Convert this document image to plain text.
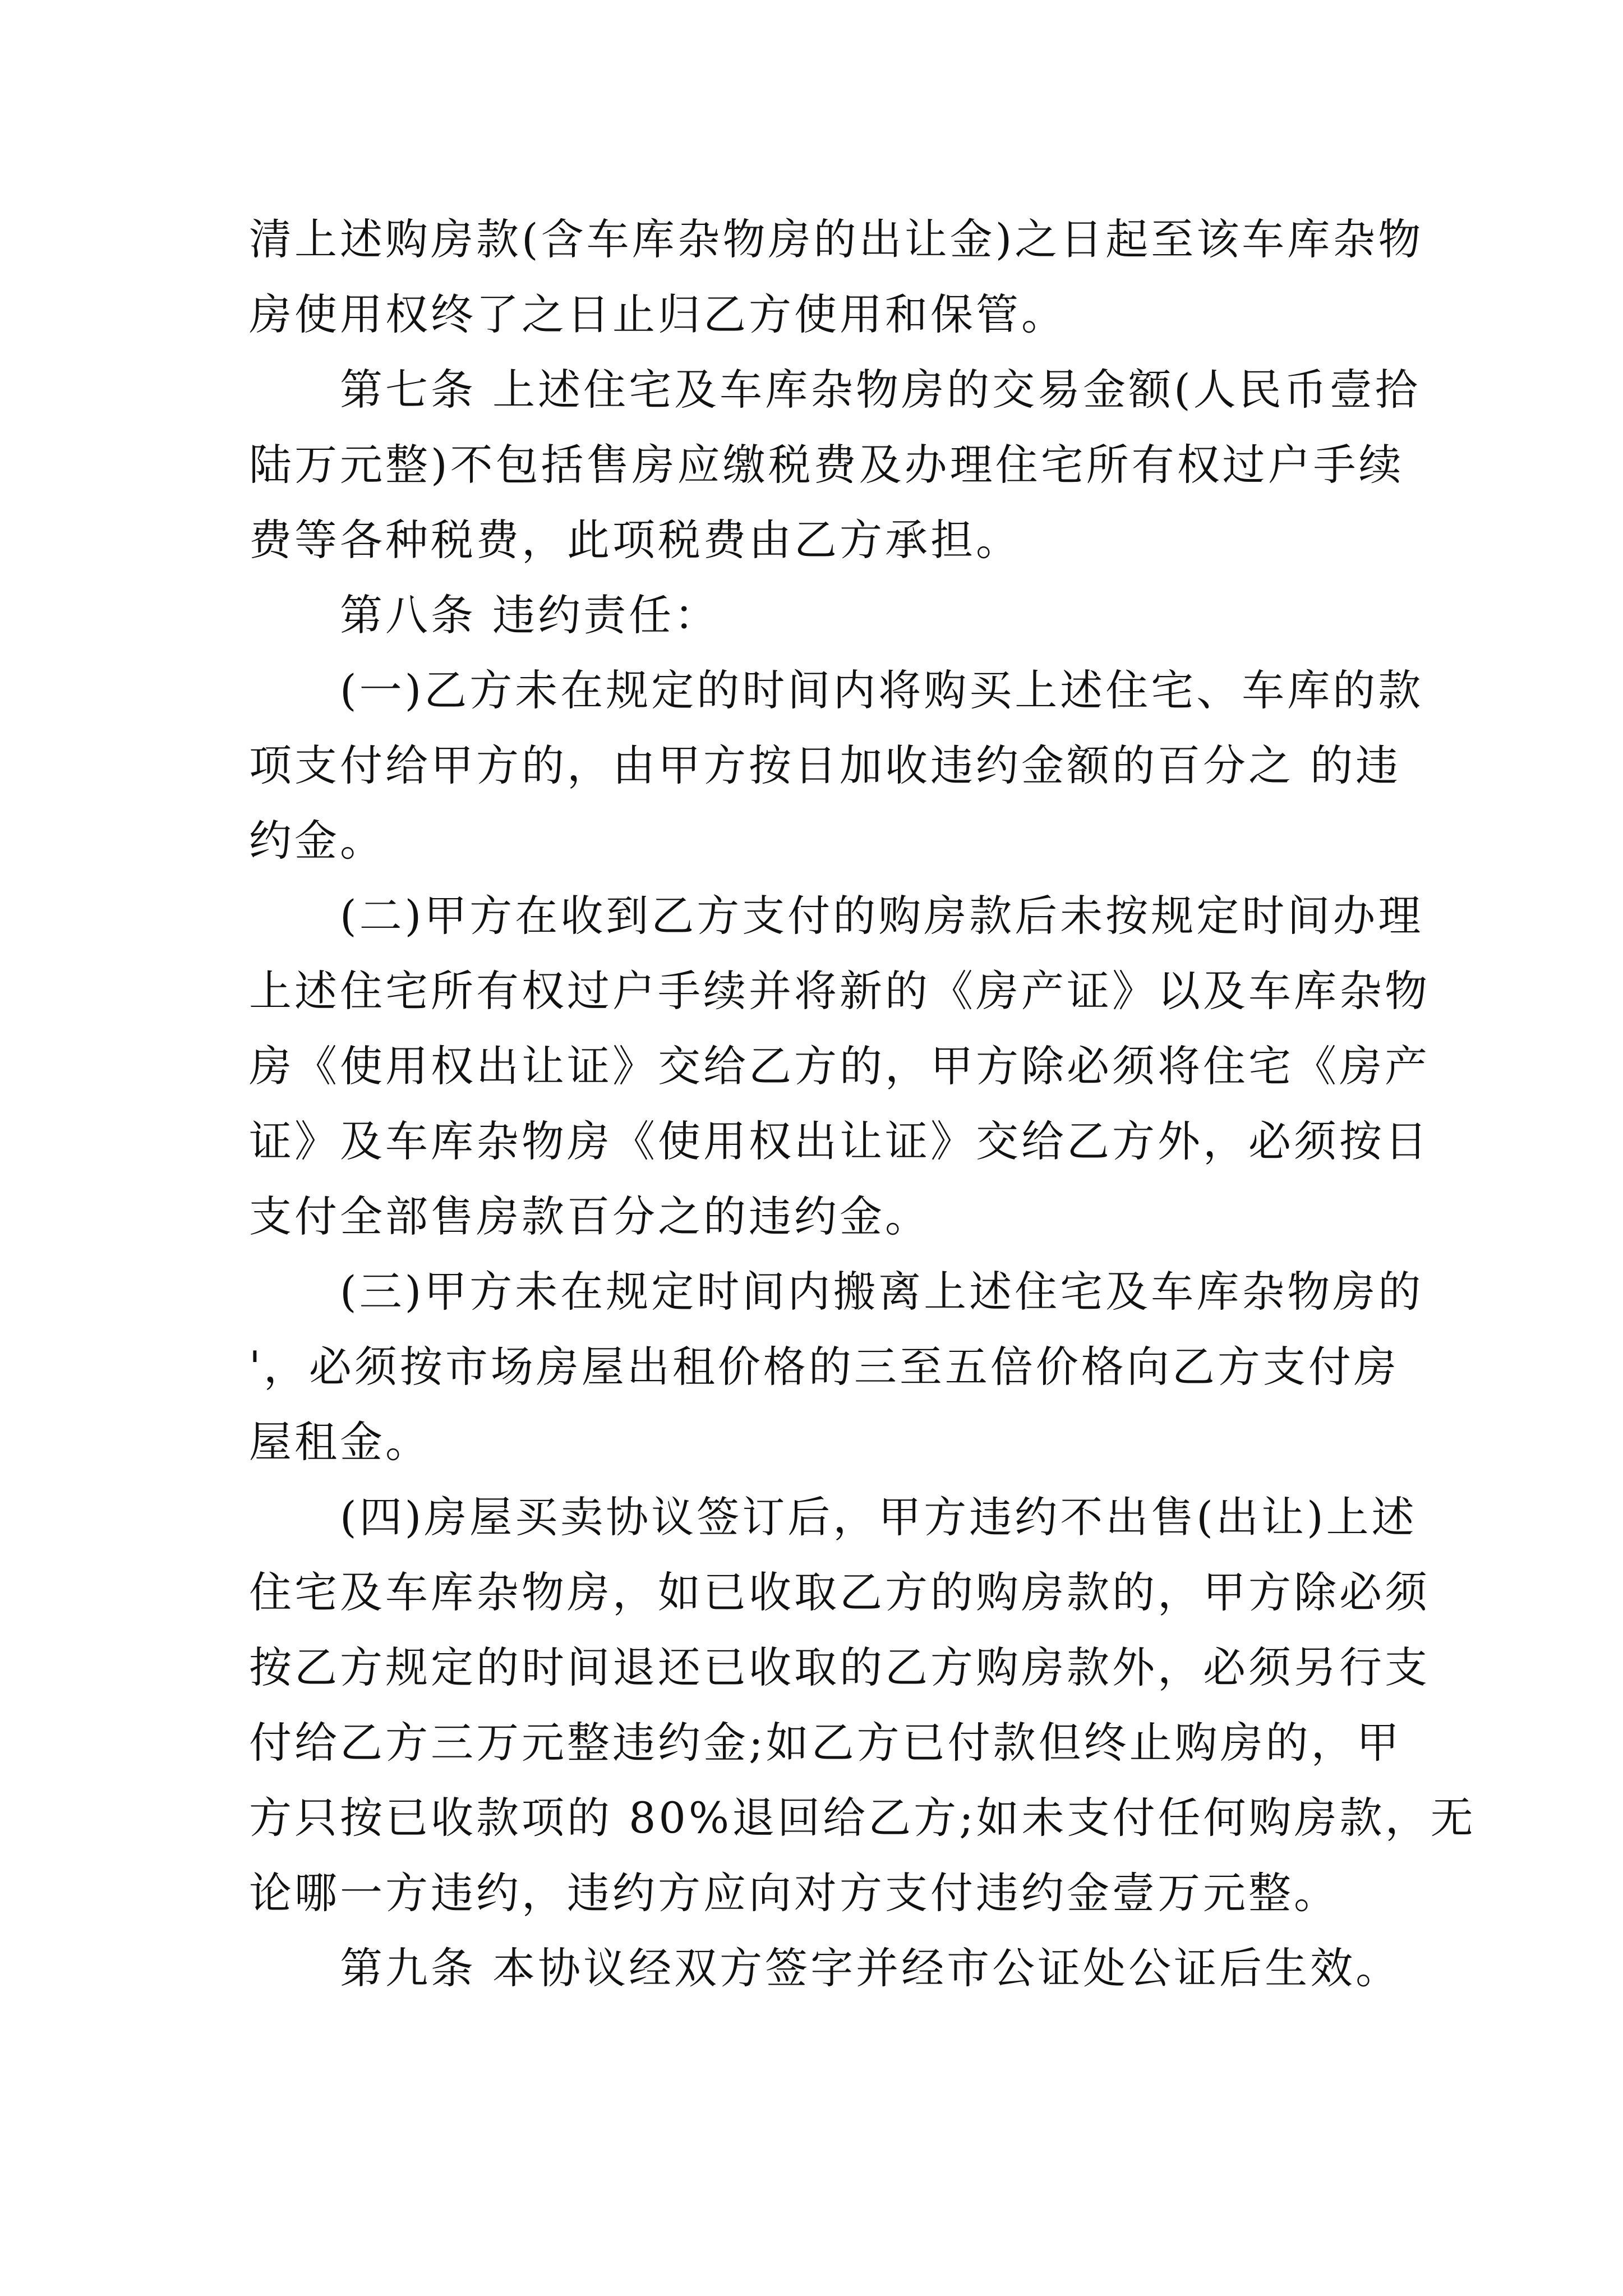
清上述购房款(含车库杂物房的出让金)之日起至该车库杂物
房使用权终了之日止归乙方使用和保管。
第七条 上述住宅及车库杂物房的交易金额(人民币壹拾
陆万元整)不包括售房应缴税费及办理住宅所有权过户手续
费等各种税费，此项税费由乙方承担。
第八条 违约责任：
(一)乙方未在规定的时间内将购买上述住宅、车库的款
项支付给甲方的，由甲方按日加收违约金额的百分之 的违
约金。
(二)甲方在收到乙方支付的购房款后未按规定时间办理
上述住宅所有权过户手续并将新的《房产证》以及车库杂物
房《使用权出让证》交给乙方的，甲方除必须将住宅《房产
证》及车库杂物房《使用权出让证》交给乙方外，必须按日
支付全部售房款百分之的违约金。
(三)甲方未在规定时间内搬离上述住宅及车库杂物房的
'，必须按市场房屋出租价格的三至五倍价格向乙方支付房
屋租金。
(四)房屋买卖协议签订后，甲方违约不出售(出让)上述
住宅及车库杂物房，如已收取乙方的购房款的，甲方除必须
按乙方规定的时间退还已收取的乙方购房款外，必须另行支
付给乙方三万元整违约金;如乙方已付款但终止购房的，甲
方只按已收款项的 80%退回给乙方;如未支付任何购房款，无
论哪一方违约，违约方应向对方支付违约金壹万元整。
第九条 本协议经双方签字并经市公证处公证后生效。
